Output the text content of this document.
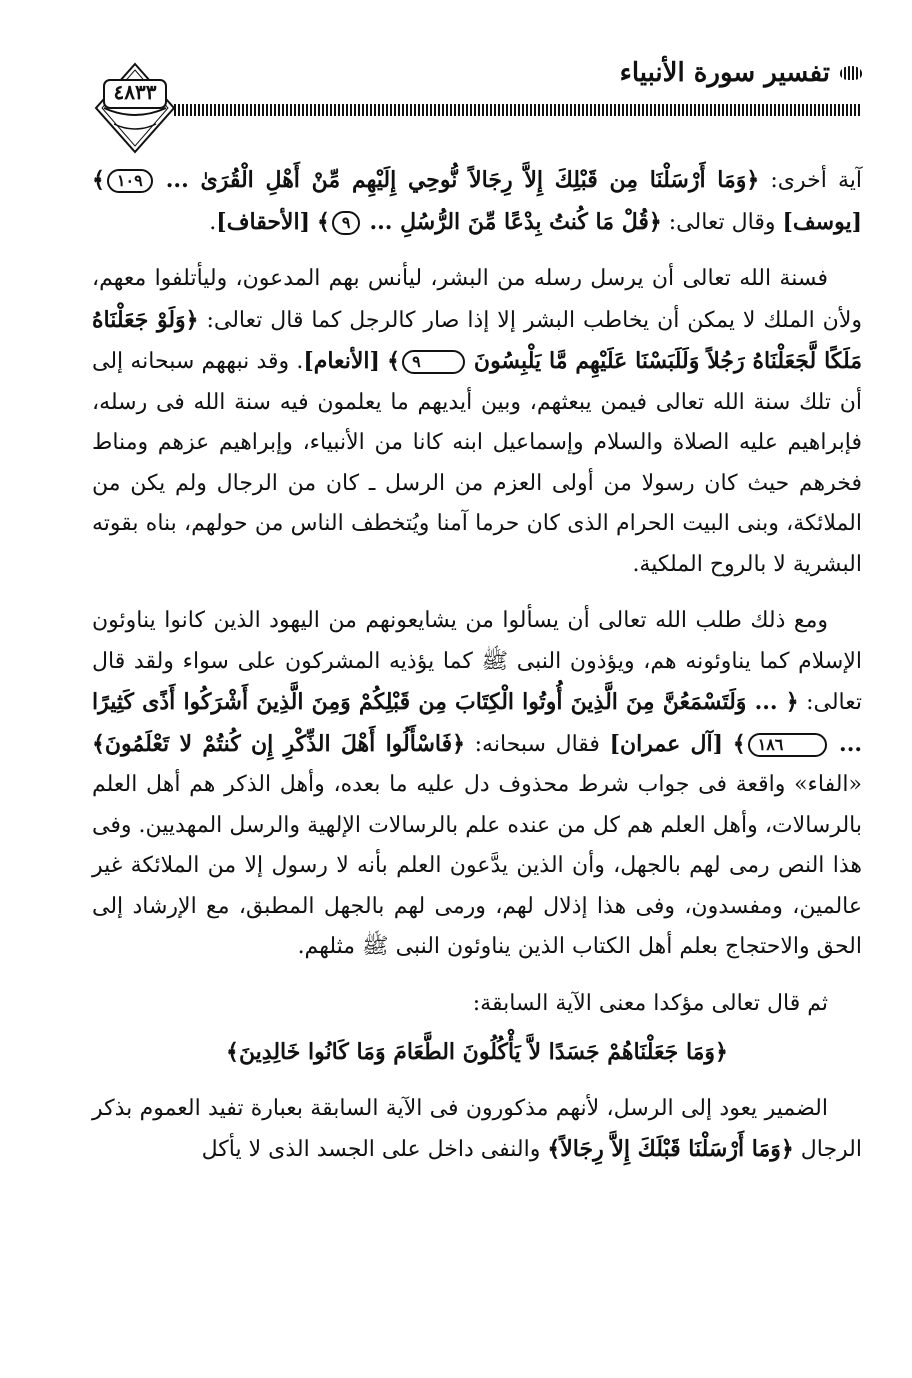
تفسير سورة الأنبياء
٤٨٣٣

آية أخرى: ﴿وَمَا أَرْسَلْنَا مِن قَبْلِكَ إِلاَّ رِجَالاً نُّوحِي إِلَيْهِم مِّنْ أَهْلِ الْقُرَىٰ ... ١٠٩﴾ [يوسف] وقال تعالى: ﴿قُلْ مَا كُنتُ بِدْعًا مِّنَ الرُّسُلِ ... ٩﴾ [الأحقاف].

فسنة الله تعالى أن يرسل رسله من البشر، ليأنس بهم المدعون، وليأتلفوا معهم، ولأن الملك لا يمكن أن يخاطب البشر إلا إذا صار كالرجل كما قال تعالى: ﴿وَلَوْ جَعَلْنَاهُ مَلَكًا لَّجَعَلْنَاهُ رَجُلاً وَلَلَبَسْنَا عَلَيْهِم مَّا يَلْبِسُونَ ٩﴾ [الأنعام]. وقد نبههم سبحانه إلى أن تلك سنة الله تعالى فيمن يبعثهم، وبين أيديهم ما يعلمون فيه سنة الله فى رسله، فإبراهيم عليه الصلاة والسلام وإسماعيل ابنه كانا من الأنبياء، وإبراهيم عزهم ومناط فخرهم حيث كان رسولا من أولى العزم من الرسل ـ كان من الرجال ولم يكن من الملائكة، وبنى البيت الحرام الذى كان حرما آمنا ويُتخطف الناس من حولهم، بناه بقوته البشرية لا بالروح الملكية.

ومع ذلك طلب الله تعالى أن يسألوا من يشايعونهم من اليهود الذين كانوا يناوئون الإسلام كما يناوئونه هم، ويؤذون النبى ﷺ كما يؤذيه المشركون على سواء ولقد قال تعالى: ﴿ ... وَلَتَسْمَعُنَّ مِنَ الَّذِينَ أُوتُوا الْكِتَابَ مِن قَبْلِكُمْ وَمِنَ الَّذِينَ أَشْرَكُوا أَذًى كَثِيرًا ... ١٨٦﴾ [آل عمران] فقال سبحانه: ﴿فَاسْأَلُوا أَهْلَ الذِّكْرِ إِن كُنتُمْ لا تَعْلَمُونَ﴾ «الفاء» واقعة فى جواب شرط محذوف دل عليه ما بعده، وأهل الذكر هم أهل العلم بالرسالات، وأهل العلم هم كل من عنده علم بالرسالات الإلهية والرسل المهديين. وفى هذا النص رمى لهم بالجهل، وأن الذين يدَّعون العلم بأنه لا رسول إلا من الملائكة غير عالمين، ومفسدون، وفى هذا إذلال لهم، ورمى لهم بالجهل المطبق، مع الإرشاد إلى الحق والاحتجاج بعلم أهل الكتاب الذين يناوئون النبى ﷺ مثلهم.

ثم قال تعالى مؤكدا معنى الآية السابقة:

﴿وَمَا جَعَلْنَاهُمْ جَسَدًا لاَّ يَأْكُلُونَ الطَّعَامَ وَمَا كَانُوا خَالِدِينَ﴾

الضمير يعود إلى الرسل، لأنهم مذكورون فى الآية السابقة بعبارة تفيد العموم بذكر الرجال ﴿وَمَا أَرْسَلْنَا قَبْلَكَ إِلاَّ رِجَالاً﴾ والنفى داخل على الجسد الذى لا يأكل
